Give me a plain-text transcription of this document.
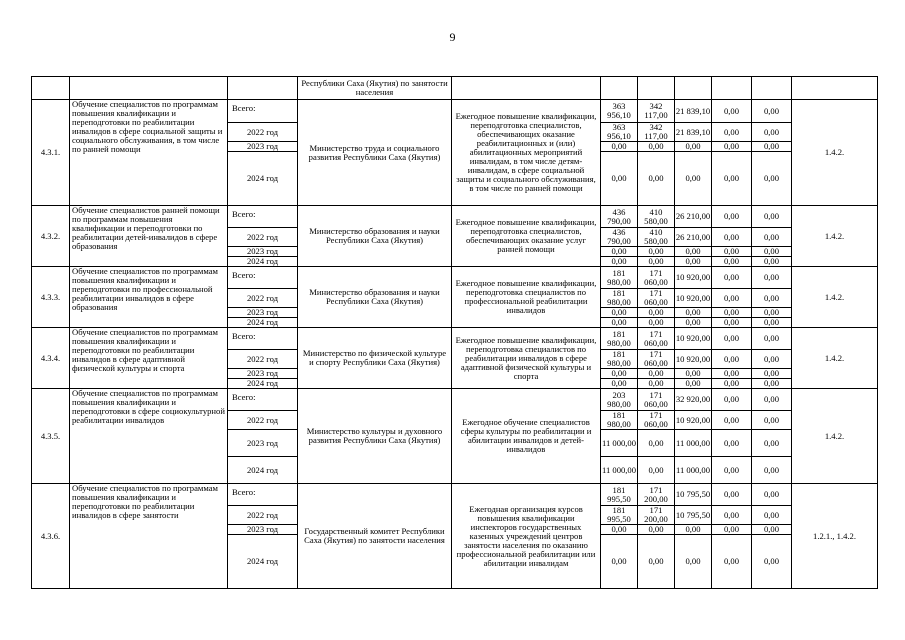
9
			Республики Саха (Якутия) по занятости населения							
4.3.1.	Обучение специалистов по программам повышения квалификации и переподготовки по реабилитации инвалидов в сфере социальной защиты и социального обслуживания, в том числе по ранней помощи	Всего:	Министерство труда и социального развития Республики Саха (Якутия)	Ежегодное повышение квалификации, переподготовка специалистов, обеспечивающих оказание реабилитационных и (или) абилитационных мероприятий инвалидам, в том числе детям-инвалидам, в сфере социальной защиты и социального обслуживания, в том числе по ранней помощи	363 956,10	342 117,00	21 839,10	0,00	0,00	1.4.2.
		2022 год			363 956,10	342 117,00	21 839,10	0,00	0,00	
		2023 год			0,00	0,00	0,00	0,00	0,00	
		2024 год			0,00	0,00	0,00	0,00	0,00	
4.3.2.	Обучение специалистов ранней помощи по программам повышения квалификации и переподготовки по реабилитации детей-инвалидов в сфере образования	Всего:	Министерство образования и науки Республики Саха (Якутия)	Ежегодное повышение квалификации, переподготовка специалистов, обеспечивающих оказание услуг ранней помощи	436 790,00	410 580,00	26 210,00	0,00	0,00	1.4.2.
		2022 год			436 790,00	410 580,00	26 210,00	0,00	0,00	
		2023 год			0,00	0,00	0,00	0,00	0,00	
		2024 год			0,00	0,00	0,00	0,00	0,00	
4.3.3.	Обучение специалистов по программам повышения квалификации и переподготовки по профессиональной реабилитации инвалидов в сфере образования	Всего:	Министерство образования и науки Республики Саха (Якутия)	Ежегодное повышение квалификации, переподготовка специалистов по профессиональной реабилитации инвалидов	181 980,00	171 060,00	10 920,00	0,00	0,00	1.4.2.
		2022 год			181 980,00	171 060,00	10 920,00	0,00	0,00	
		2023 год			0,00	0,00	0,00	0,00	0,00	
		2024 год			0,00	0,00	0,00	0,00	0,00	
4.3.4.	Обучение специалистов по программам повышения квалификации и переподготовки по реабилитации инвалидов в сфере адаптивной физической культуры и спорта	Всего:	Министерство по физической культуре и спорту Республики Саха (Якутия)	Ежегодное повышение квалификации, переподготовка специалистов по реабилитации инвалидов в сфере адаптивной физической культуры и спорта	181 980,00	171 060,00	10 920,00	0,00	0,00	1.4.2.
		2022 год			181 980,00	171 060,00	10 920,00	0,00	0,00	
		2023 год			0,00	0,00	0,00	0,00	0,00	
		2024 год			0,00	0,00	0,00	0,00	0,00	
4.3.5.	Обучение специалистов по программам повышения квалификации и переподготовки в сфере социокультурной реабилитации инвалидов	Всего:	Министерство культуры и духовного развития Республики Саха (Якутия)	Ежегодное обучение специалистов сферы культуры по реабилитации и абилитации инвалидов и детей-инвалидов	203 980,00	171 060,00	32 920,00	0,00	0,00	1.4.2.
		2022 год			181 980,00	171 060,00	10 920,00	0,00	0,00	
		2023 год			11 000,00	0,00	11 000,00	0,00	0,00	
		2024 год			11 000,00	0,00	11 000,00	0,00	0,00	
4.3.6.	Обучение специалистов по программам повышения квалификации и переподготовки по реабилитации инвалидов в сфере занятости	Всего:	Государственный комитет Республики Саха (Якутия) по занятости населения	Ежегодная организация курсов повышения квалификации инспекторов государственных казенных учреждений центров занятости населения по оказанию профессиональной реабилитации или абилитации инвалидам	181 995,50	171 200,00	10 795,50	0,00	0,00	1.2.1., 1.4.2.
		2022 год			181 995,50	171 200,00	10 795,50	0,00	0,00	
		2023 год			0,00	0,00	0,00	0,00	0,00	
		2024 год			0,00	0,00	0,00	0,00	0,00	
